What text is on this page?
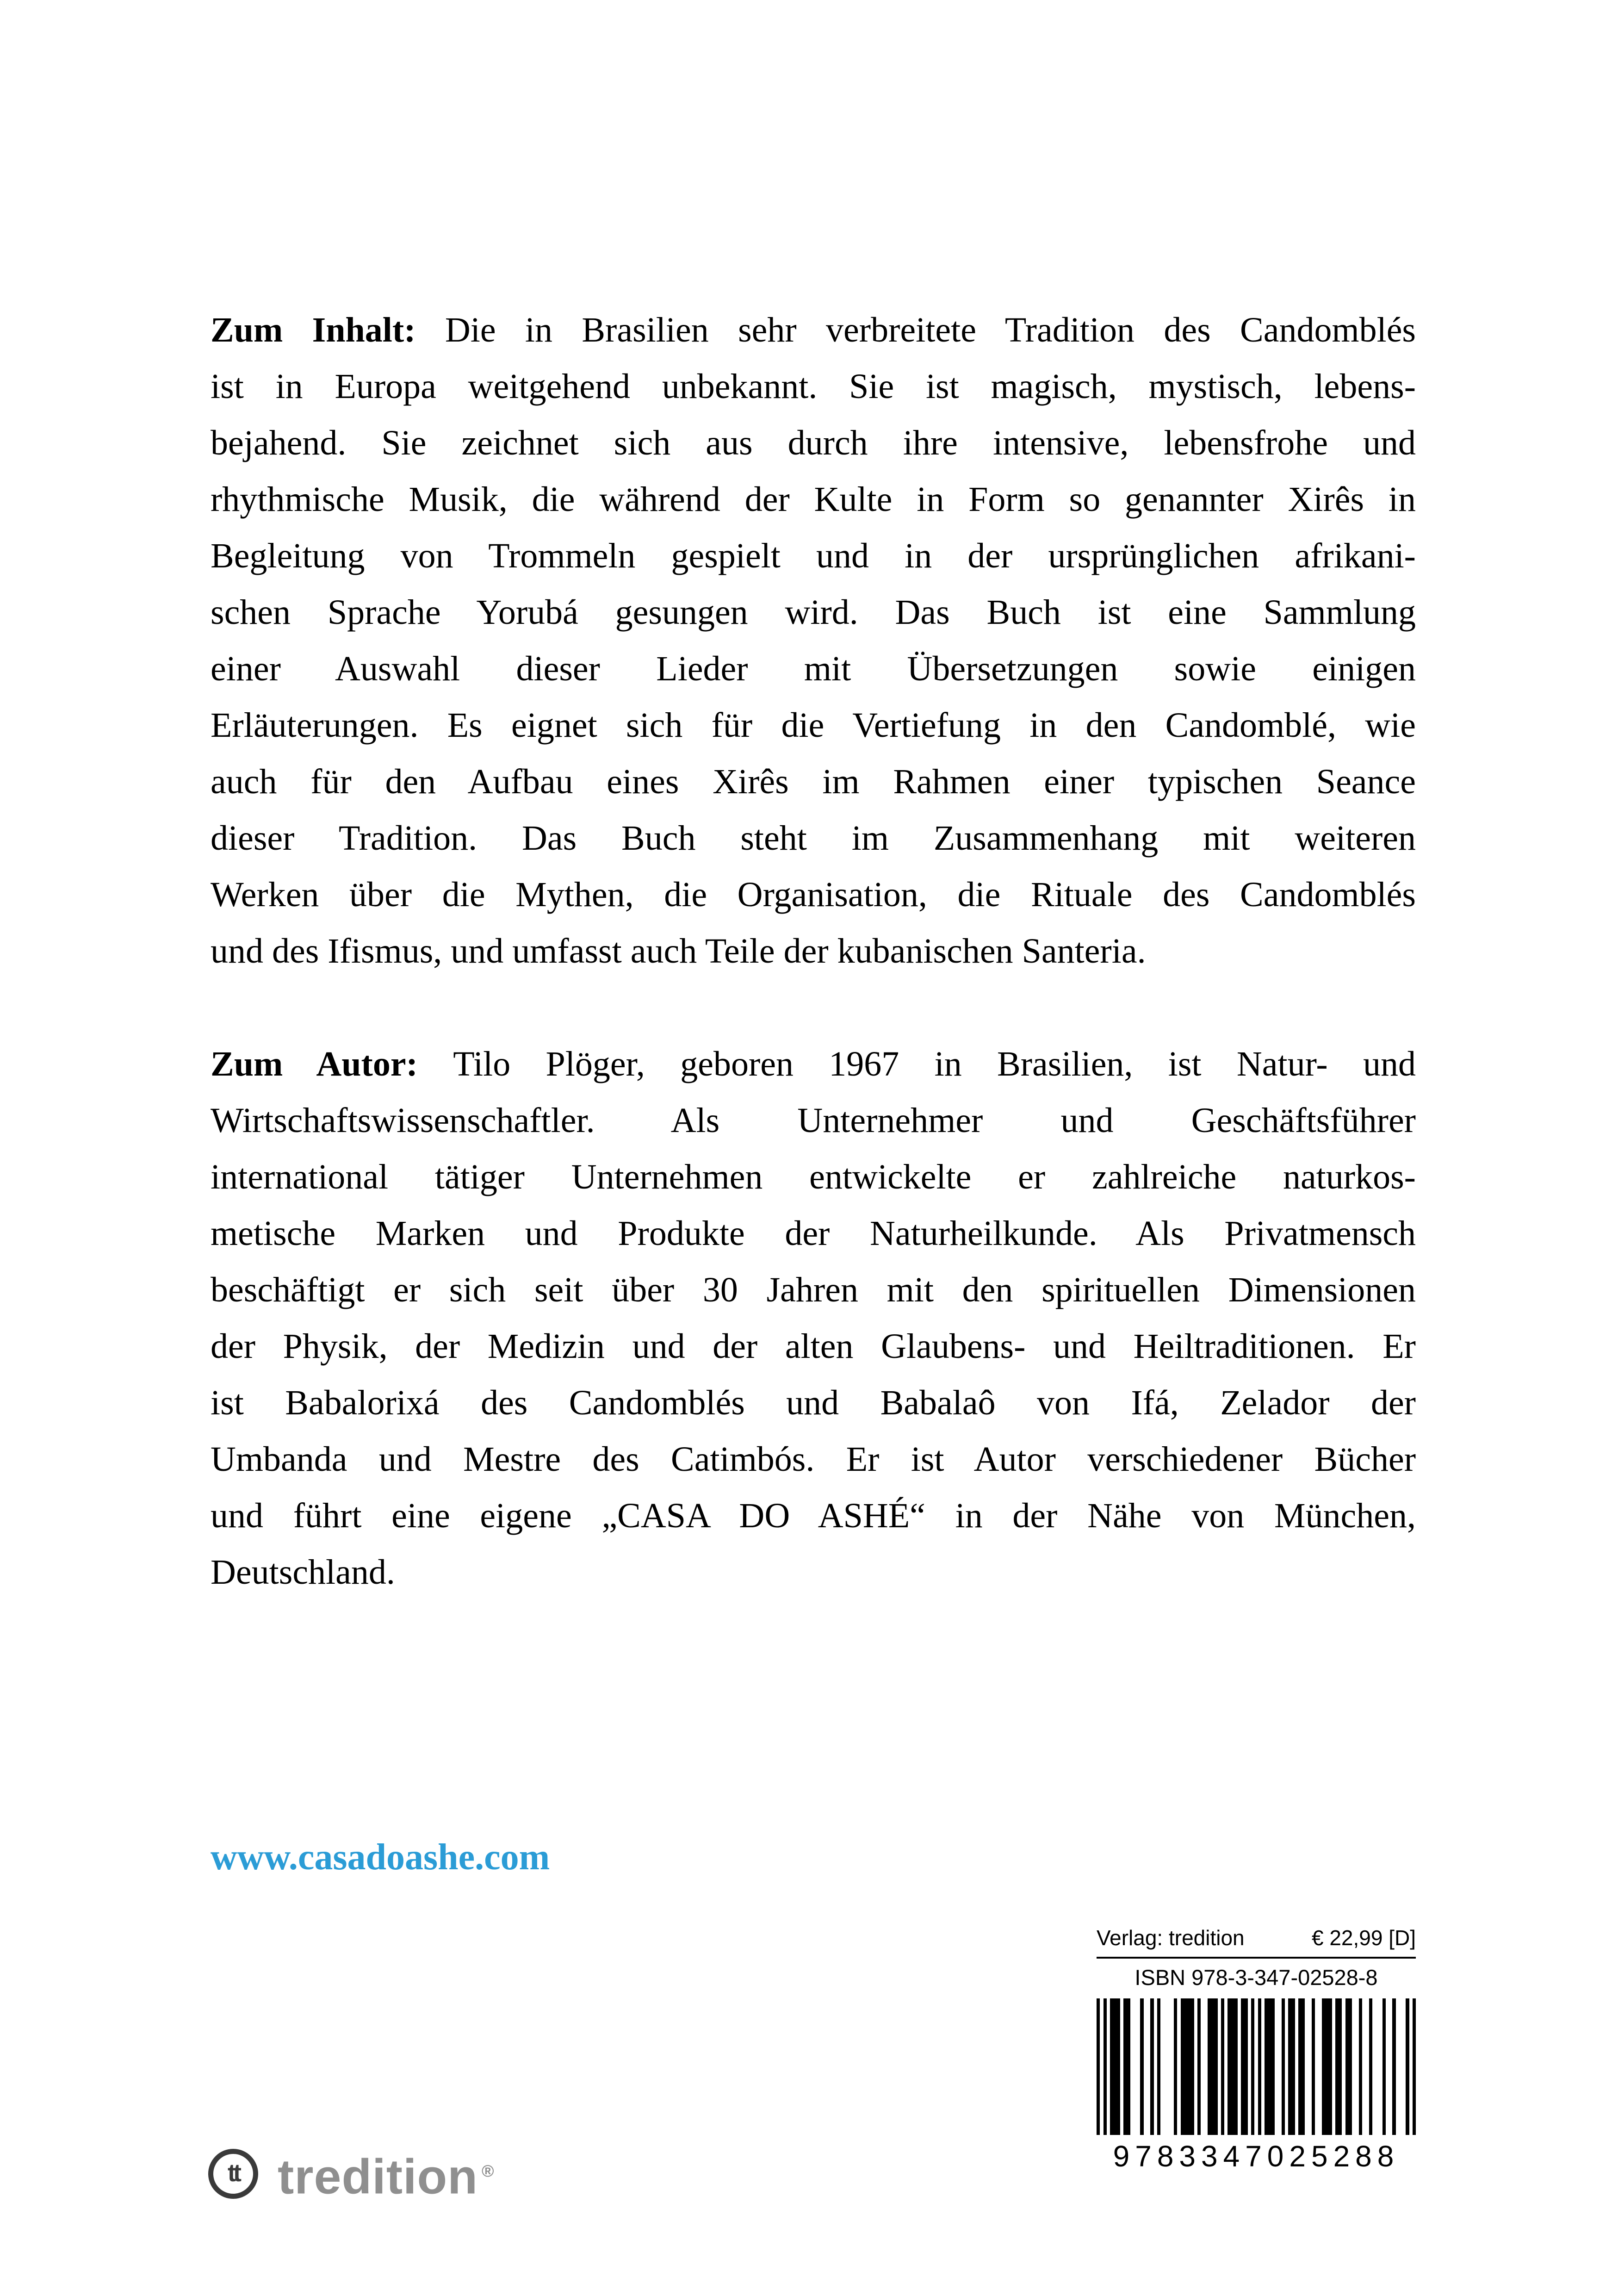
Zum Inhalt: Die in Brasilien sehr verbreitete Tradition des Candomblés
ist in Europa weitgehend unbekannt. Sie ist magisch, mystisch, lebens-
bejahend. Sie zeichnet sich aus durch ihre intensive, lebensfrohe und
rhythmische Musik, die während der Kulte in Form so genannter Xirês in
Begleitung von Trommeln gespielt und in der ursprünglichen afrikani-
schen Sprache Yorubá gesungen wird. Das Buch ist eine Sammlung
einer Auswahl dieser Lieder mit Übersetzungen sowie einigen
Erläuterungen. Es eignet sich für die Vertiefung in den Candomblé, wie
auch für den Aufbau eines Xirês im Rahmen einer typischen Seance
dieser Tradition. Das Buch steht im Zusammenhang mit weiteren
Werken über die Mythen, die Organisation, die Rituale des Candomblés
und des Ifismus, und umfasst auch Teile der kubanischen Santeria.
Zum Autor: Tilo Plöger, geboren 1967 in Brasilien, ist Natur- und
Wirtschaftswissenschaftler. Als Unternehmer und Geschäftsführer
international tätiger Unternehmen entwickelte er zahlreiche naturkos-
metische Marken und Produkte der Naturheilkunde. Als Privatmensch
beschäftigt er sich seit über 30 Jahren mit den spirituellen Dimensionen
der Physik, der Medizin und der alten Glaubens- und Heiltraditionen. Er
ist Babalorixá des Candomblés und Babalaô von Ifá, Zelador der
Umbanda und Mestre des Catimbós. Er ist Autor verschiedener Bücher
und führt eine eigene „CASA DO ASHÉ“ in der Nähe von München,
Deutschland.
www.casadoashe.com
Verlag: tredition	€ 22,99 [D]
ISBN 978-3-347-02528-8
9783347025288
tt tredition ®
